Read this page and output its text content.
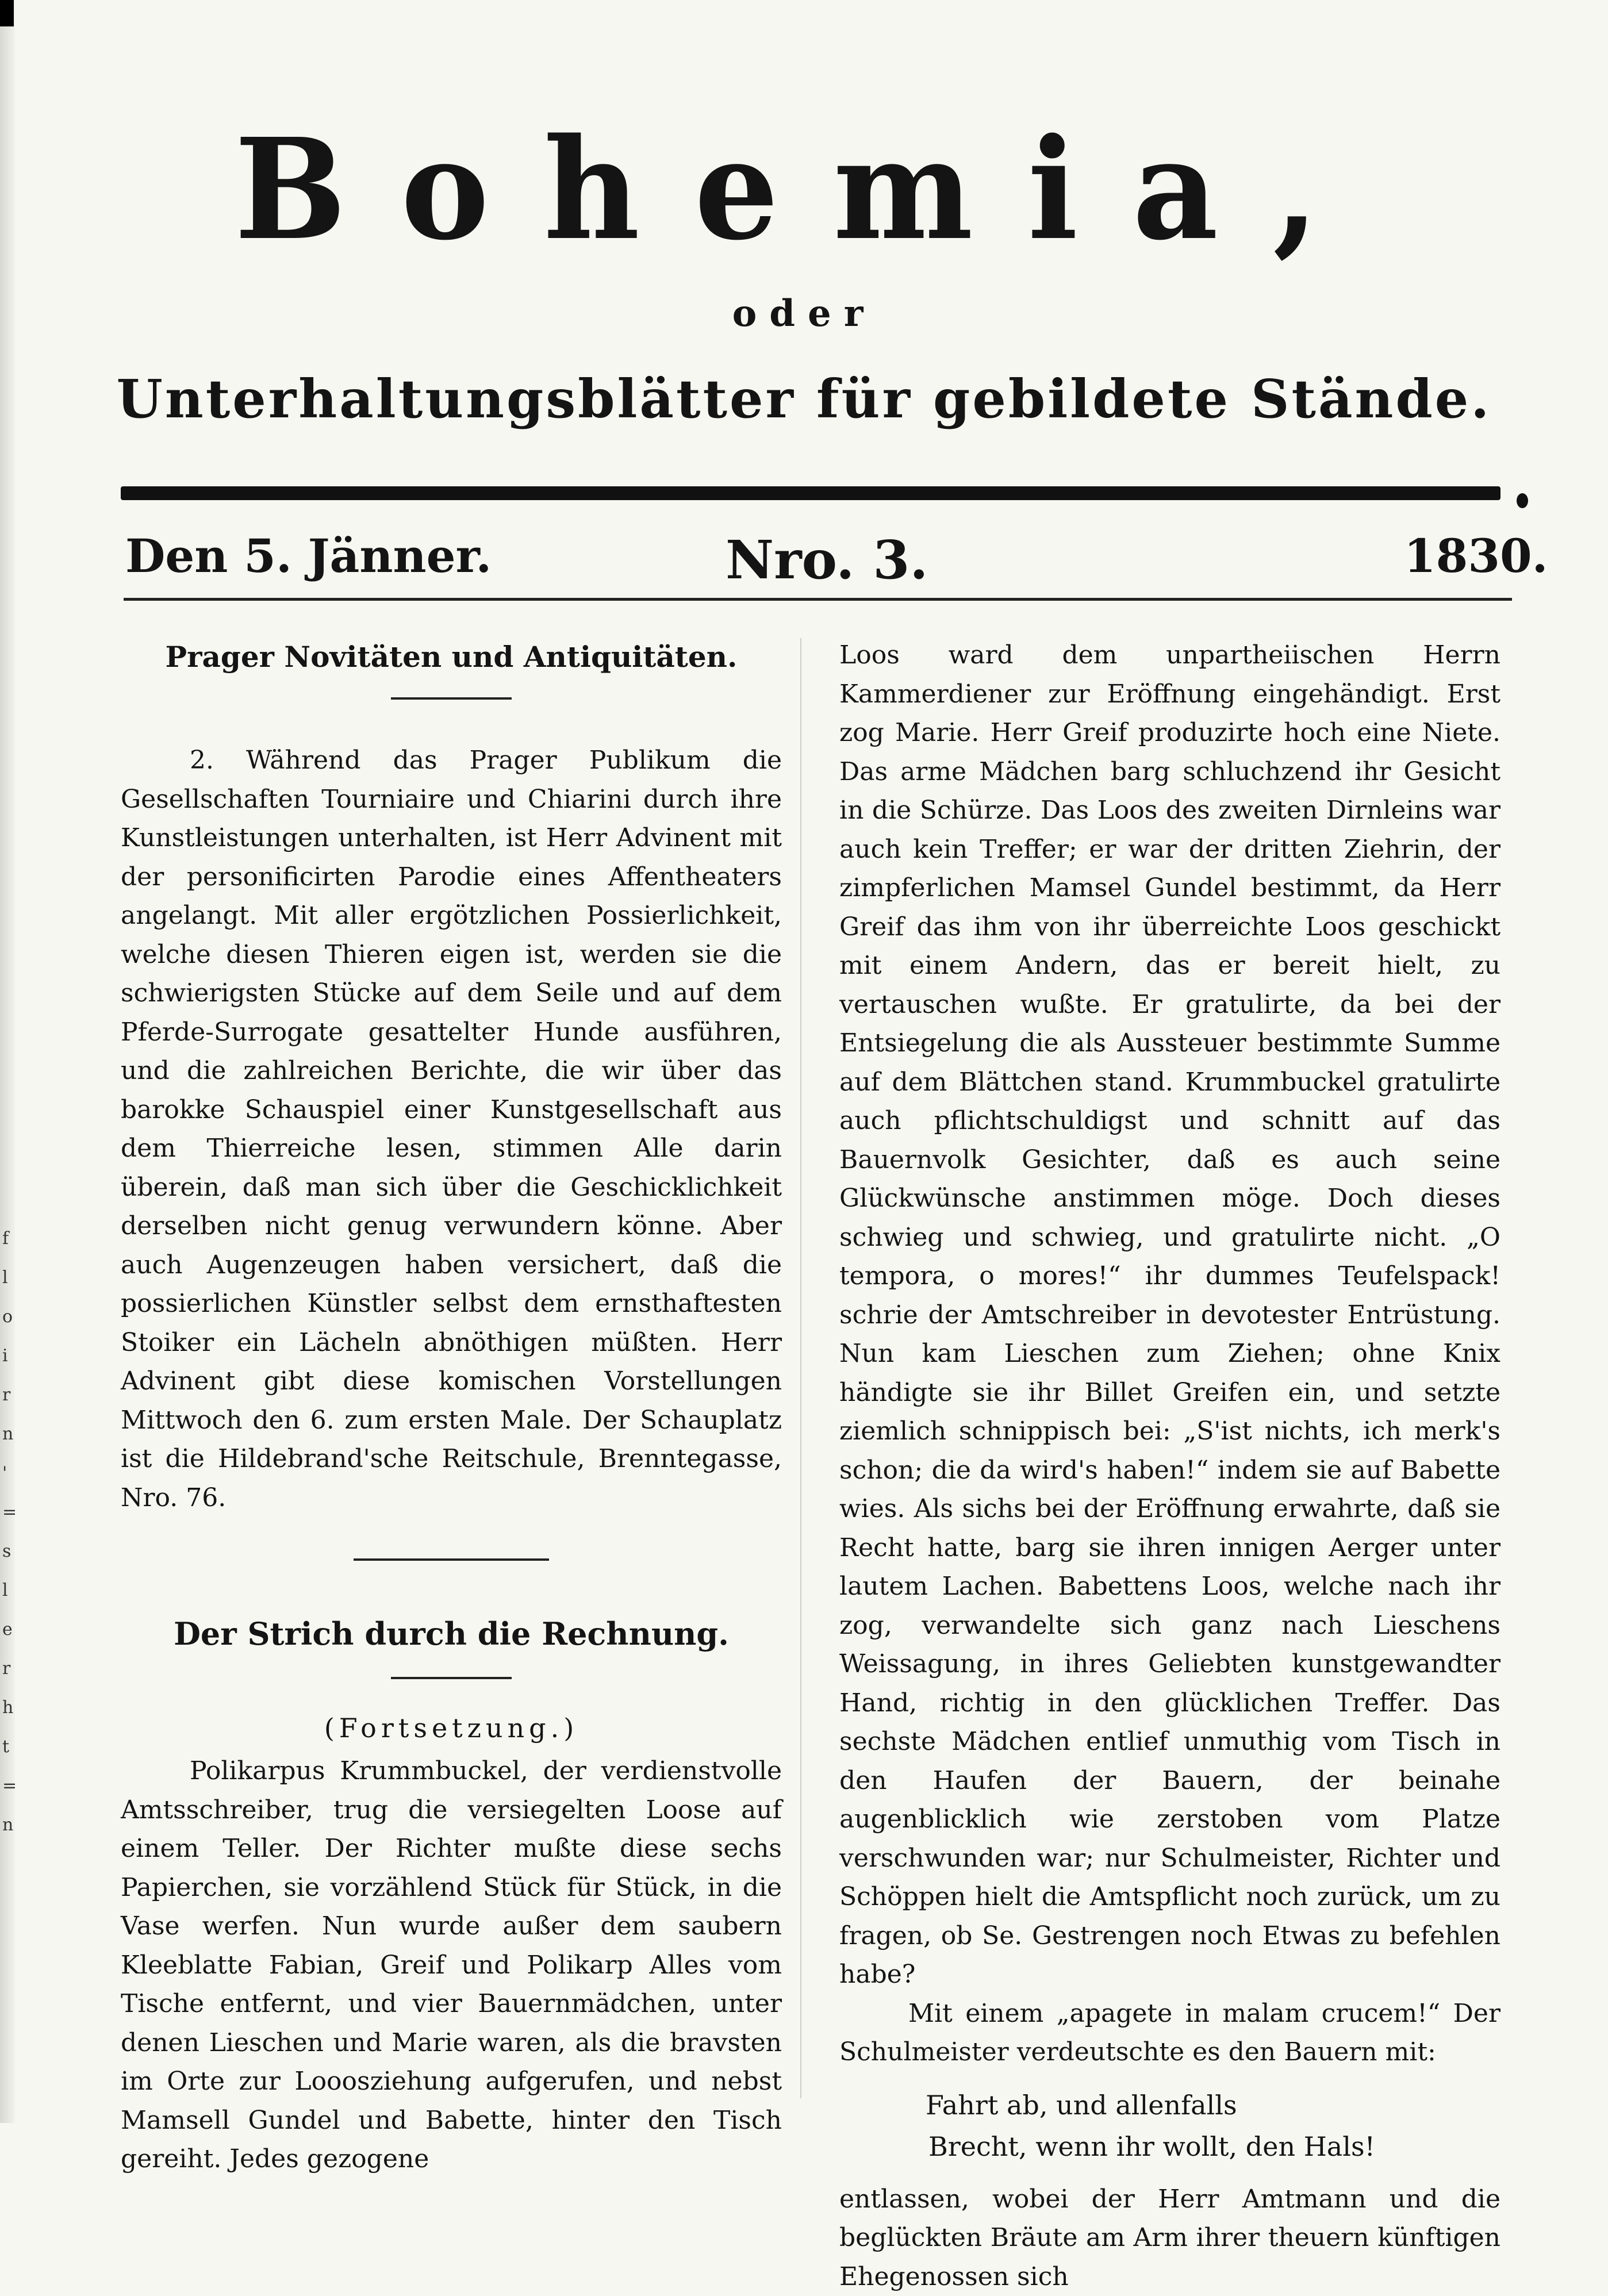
f
l
o
i
r
n
'
=
s
l
e
r
h
t
=
n
Bohemia,
oder
Unterhaltungsblätter für gebildete Stände.
Den 5. Jänner.	Nro. 3.	1830.
Prager Novitäten und Antiquitäten.

2. Während das Prager Publikum die Gesellschaften Tourniaire und Chiarini durch ihre Kunstleistungen unterhalten, ist Herr Advinent mit der personificirten Parodie eines Affentheaters angelangt. Mit aller ergötzlichen Possierlichkeit, welche diesen Thieren eigen ist, werden sie die schwierigsten Stücke auf dem Seile und auf dem Pferde-Surrogate gesattelter Hunde ausführen, und die zahlreichen Berichte, die wir über das barokke Schauspiel einer Kunstgesellschaft aus dem Thierreiche lesen, stimmen Alle darin überein, daß man sich über die Geschicklichkeit derselben nicht genug verwundern könne. Aber auch Augenzeugen haben versichert, daß die possierlichen Künstler selbst dem ernsthaftesten Stoiker ein Lächeln abnöthigen müßten. Herr Advinent gibt diese komischen Vorstellungen Mittwoch den 6. zum ersten Male. Der Schauplatz ist die Hildebrand'sche Reitschule, Brenntegasse, Nro. 76.

Der Strich durch die Rechnung.
(Fortsetzung.)

Polikarpus Krummbuckel, der verdienstvolle Amtsschreiber, trug die versiegelten Loose auf einem Teller. Der Richter mußte diese sechs Papierchen, sie vorzählend Stück für Stück, in die Vase werfen. Nun wurde außer dem saubern Kleeblatte Fabian, Greif und Polikarp Alles vom Tische entfernt, und vier Bauernmädchen, unter denen Lieschen und Marie waren, als die bravsten im Orte zur Looosziehung aufgerufen, und nebst Mamsell Gundel und Babette, hinter den Tisch gereiht. Jedes gezogene

Loos ward dem unpartheiischen Herrn Kammerdiener zur Eröffnung eingehändigt. Erst zog Marie. Herr Greif produzirte hoch eine Niete. Das arme Mädchen barg schluchzend ihr Gesicht in die Schürze. Das Loos des zweiten Dirnleins war auch kein Treffer; er war der dritten Ziehrin, der zimpferlichen Mamsel Gundel bestimmt, da Herr Greif das ihm von ihr überreichte Loos geschickt mit einem Andern, das er bereit hielt, zu vertauschen wußte. Er gratulirte, da bei der Entsiegelung die als Aussteuer bestimmte Summe auf dem Blättchen stand. Krummbuckel gratulirte auch pflichtschuldigst und schnitt auf das Bauernvolk Gesichter, daß es auch seine Glückwünsche anstimmen möge. Doch dieses schwieg und schwieg, und gratulirte nicht. „O tempora, o mores!“ ihr dummes Teufelspack! schrie der Amtschreiber in devotester Entrüstung. Nun kam Lieschen zum Ziehen; ohne Knix händigte sie ihr Billet Greifen ein, und setzte ziemlich schnippisch bei: „S'ist nichts, ich merk's schon; die da wird's haben!“ indem sie auf Babette wies. Als sichs bei der Eröffnung erwahrte, daß sie Recht hatte, barg sie ihren innigen Aerger unter lautem Lachen. Babettens Loos, welche nach ihr zog, verwandelte sich ganz nach Lieschens Weissagung, in ihres Geliebten kunstgewandter Hand, richtig in den glücklichen Treffer. Das sechste Mädchen entlief unmuthig vom Tisch in den Haufen der Bauern, der beinahe augenblicklich wie zerstoben vom Platze verschwunden war; nur Schulmeister, Richter und Schöppen hielt die Amtspflicht noch zurück, um zu fragen, ob Se. Gestrengen noch Etwas zu befehlen habe?

Mit einem „apagete in malam crucem!“ Der Schulmeister verdeutschte es den Bauern mit:

Fahrt ab, und allenfalls

Brecht, wenn ihr wollt, den Hals!

entlassen, wobei der Herr Amtmann und die beglückten Bräute am Arm ihrer theuern künftigen Ehegenossen sich
